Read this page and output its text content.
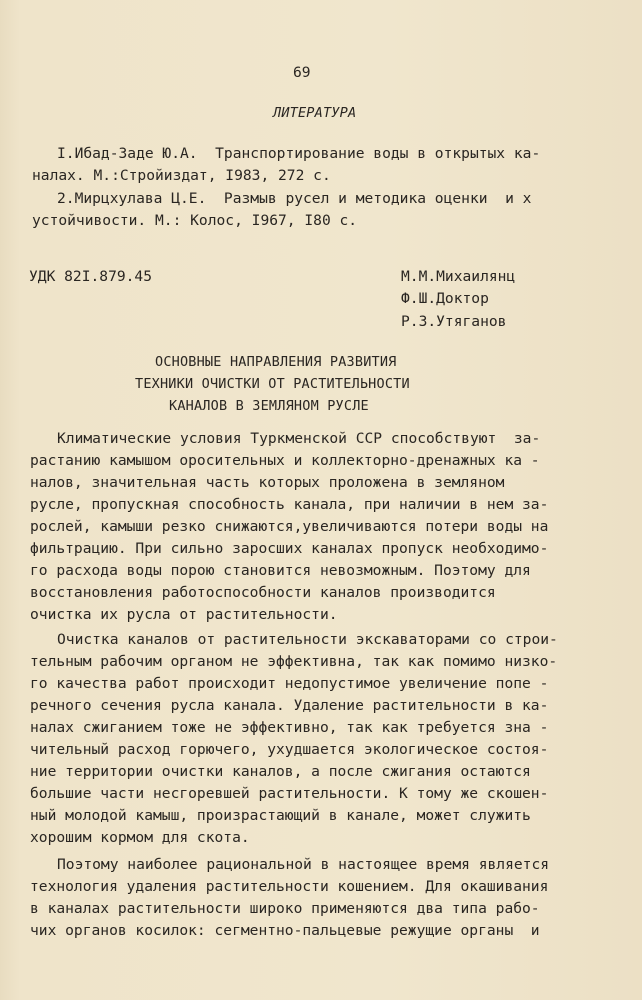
69
ЛИТЕРАТУРА
I.Ибад-Заде Ю.А.  Транспортирование воды в открытых ка-
налах. М.:Стройиздат, I983, 272 с.
2.Мирцхулава Ц.Е.  Размыв русел и методика оценки  и х
устойчивости. М.: Колос, I967, I80 с.
УДК 82I.879.45	М.М.Михаилянц
Ф.Ш.Доктор
Р.З.Утяганов
ОСНОВНЫЕ НАПРАВЛЕНИЯ РАЗВИТИЯ
ТЕХНИКИ ОЧИСТКИ ОТ РАСТИТЕЛЬНОСТИ
КАНАЛОВ В ЗЕМЛЯНОМ РУСЛЕ
Климатические условия Туркменской ССР способствуют  за-
растанию камышом оросительных и коллекторно-дренажных ка -
налов, значительная часть которых проложена в земляном
русле, пропускная способность канала, при наличии в нем за-
рослей, камыши резко снижаются,увеличиваются потери воды на
фильтрацию. При сильно заросших каналах пропуск необходимо-
го расхода воды порою становится невозможным. Поэтому для
восстановления работоспособности каналов производится
очистка их русла от растительности.
Очистка каналов от растительности экскаваторами со строи-
тельным рабочим органом не эффективна, так как помимо низко-
го качества работ происходит недопустимое увеличение попе -
речного сечения русла канала. Удаление растительности в ка-
налах сжиганием тоже не эффективно, так как требуется зна -
чительный расход горючего, ухудшается экологическое состоя-
ние территории очистки каналов, а после сжигания остаются
большие части несгоревшей растительности. К тому же скошен-
ный молодой камыш, произрастающий в канале, может служить
хорошим кормом для скота.
Поэтому наиболее рациональной в настоящее время является
технология удаления растительности кошением. Для окашивания
в каналах растительности широко применяются два типа рабо-
чих органов косилок: сегментно-пальцевые режущие органы  и
